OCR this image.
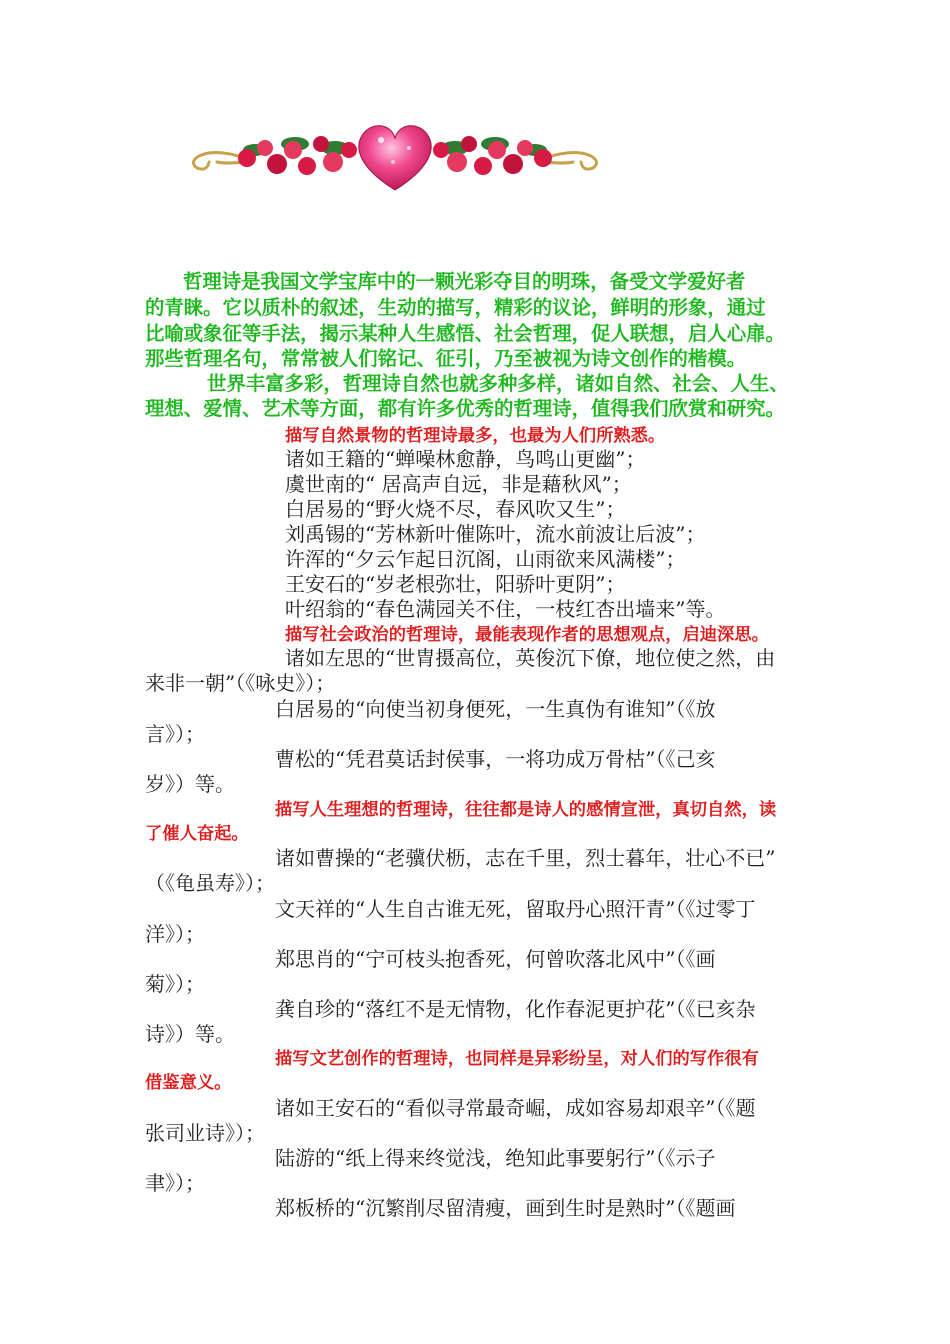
哲理诗是我国文学宝库中的一颗光彩夺目的明珠，备受文学爱好者
的青睐。它以质朴的叙述，生动的描写，精彩的议论，鲜明的形象，通过
比喻或象征等手法，揭示某种人生感悟、社会哲理，促人联想，启人心扉。
那些哲理名句，常常被人们铭记、征引，乃至被视为诗文创作的楷模。
世界丰富多彩，哲理诗自然也就多种多样，诸如自然、社会、人生、
理想、爱情、艺术等方面，都有许多优秀的哲理诗，值得我们欣赏和研究。
描写自然景物的哲理诗最多，也最为人们所熟悉。
诸如王籍的“蝉噪林愈静，鸟鸣山更幽”；
虞世南的“ 居高声自远，非是藉秋风”；
白居易的“野火烧不尽，春风吹又生”；
刘禹锡的“芳林新叶催陈叶，流水前波让后波”；
许浑的“夕云乍起日沉阁，山雨欲来风满楼”；
王安石的“岁老根弥壮，阳骄叶更阴”；
叶绍翁的“春色满园关不住，一枝红杏出墙来”等。
描写社会政治的哲理诗，最能表现作者的思想观点，启迪深思。
诸如左思的“世胄摄高位，英俊沉下僚，地位使之然，由
来非一朝”（《咏史》）；
白居易的“向使当初身便死，一生真伪有谁知”（《放
言》）；
曹松的“凭君莫话封侯事，一将功成万骨枯”（《己亥
岁》）等。
描写人生理想的哲理诗，往往都是诗人的感情宣泄，真切自然，读
了催人奋起。
诸如曹操的“老骥伏枥，志在千里，烈士暮年，壮心不已”
（《龟虽寿》）；
文天祥的“人生自古谁无死，留取丹心照汗青”（《过零丁
洋》）；
郑思肖的“宁可枝头抱香死，何曾吹落北风中”（《画
菊》）；
龚自珍的“落红不是无情物，化作春泥更护花”（《已亥杂
诗》）等。
描写文艺创作的哲理诗，也同样是异彩纷呈，对人们的写作很有
借鉴意义。
诸如王安石的“看似寻常最奇崛，成如容易却艰辛”（《题
张司业诗》）；
陆游的“纸上得来终觉浅，绝知此事要躬行”（《示子
聿》）；
郑板桥的“沉繁削尽留清瘦，画到生时是熟时”（《题画
